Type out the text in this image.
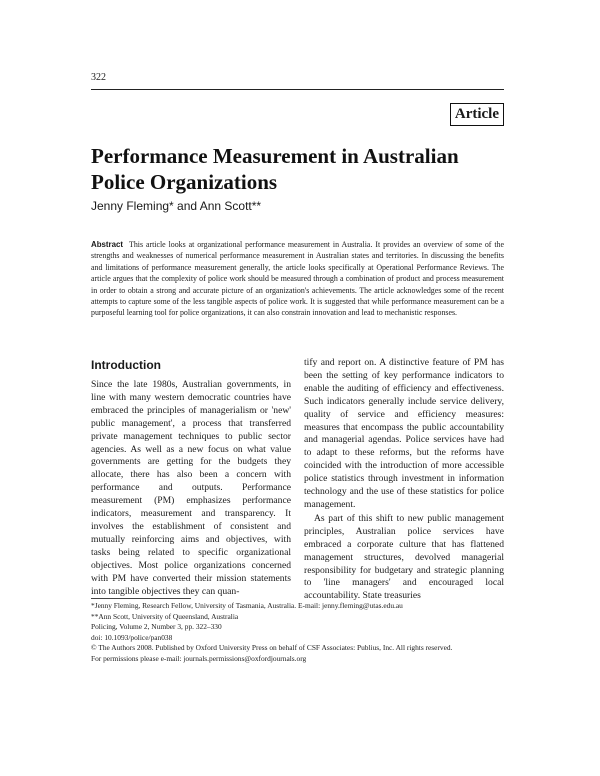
322
Article
Performance Measurement in Australian Police Organizations
Jenny Fleming* and Ann Scott**

Abstract This article looks at organizational performance measurement in Australia. It provides an overview of some of the strengths and weaknesses of numerical performance measurement in Australian states and territories. In discussing the benefits and limitations of performance measurement generally, the article looks specifically at Operational Performance Reviews. The article argues that the complexity of police work should be measured through a combination of product and process measurement in order to obtain a strong and accurate picture of an organization's achievements. The article acknowledges some of the recent attempts to capture some of the less tangible aspects of police work. It is suggested that while performance measurement can be a purposeful learning tool for police organizations, it can also constrain innovation and lead to mechanistic responses.

Introduction

Since the late 1980s, Australian governments, in line with many western democratic countries have embraced the principles of managerialism or 'new' public management', a process that transferred private management techniques to public sector agencies. As well as a new focus on what value governments are getting for the budgets they allocate, there has also been a concern with performance and outputs. Performance measurement (PM) emphasizes performance indicators, measurement and transparency. It involves the establishment of consistent and mutually reinforcing aims and objectives, with tasks being related to specific organizational objectives. Most police organizations concerned with PM have converted their mission statements into tangible objectives they can quan-

tify and report on. A distinctive feature of PM has been the setting of key performance indicators to enable the auditing of efficiency and effectiveness. Such indicators generally include service delivery, quality of service and efficiency measures: measures that encompass the public accountability and managerial agendas. Police services have had to adapt to these reforms, but the reforms have coincided with the introduction of more accessible police statistics through investment in information technology and the use of these statistics for police management.

As part of this shift to new public management principles, Australian police services have embraced a corporate culture that has flattened management structures, devolved managerial responsibility for budgetary and strategic planning to 'line managers' and encouraged local accountability. State treasuries

*Jenny Fleming, Research Fellow, University of Tasmania, Australia. E-mail: jenny.fleming@utas.edu.au
**Ann Scott, University of Queensland, Australia
Policing, Volume 2, Number 3, pp. 322–330
doi: 10.1093/police/pan038
© The Authors 2008. Published by Oxford University Press on behalf of CSF Associates: Publius, Inc. All rights reserved.
For permissions please e-mail: journals.permissions@oxfordjournals.org
